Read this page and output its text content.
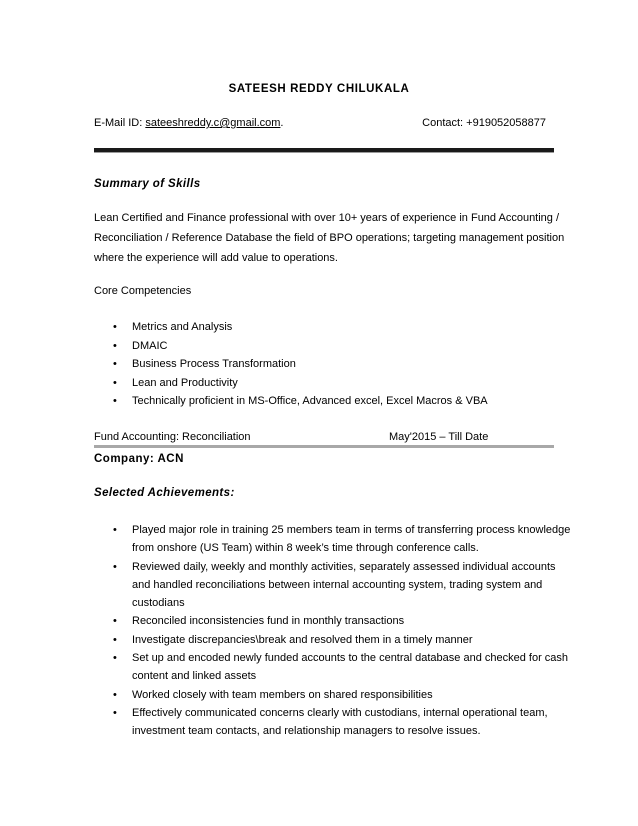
SATEESH REDDY CHILUKALA
E-Mail ID: sateeshreddy.c@gmail.com.	Contact: +919052058877
Summary of Skills
Lean Certified and Finance professional with over 10+ years of experience in Fund Accounting /
Reconciliation / Reference Database the field of BPO operations; targeting management position
where the experience will add value to operations.
Core Competencies
• Metrics and Analysis
• DMAIC
• Business Process Transformation
• Lean and Productivity
• Technically proficient in MS-Office, Advanced excel, Excel Macros & VBA
Fund Accounting: Reconciliation	May'2015 – Till Date
Company: ACN
Selected Achievements:
• Played major role in training 25 members team in terms of transferring process knowledge
from onshore (US Team) within 8 week’s time through conference calls.
• Reviewed daily, weekly and monthly activities, separately assessed individual accounts
and handled reconciliations between internal accounting system, trading system and
custodians
• Reconciled inconsistencies fund in monthly transactions
• Investigate discrepancies\break and resolved them in a timely manner
• Set up and encoded newly funded accounts to the central database and checked for cash
content and linked assets
• Worked closely with team members on shared responsibilities
• Effectively communicated concerns clearly with custodians, internal operational team,
investment team contacts, and relationship managers to resolve issues.
